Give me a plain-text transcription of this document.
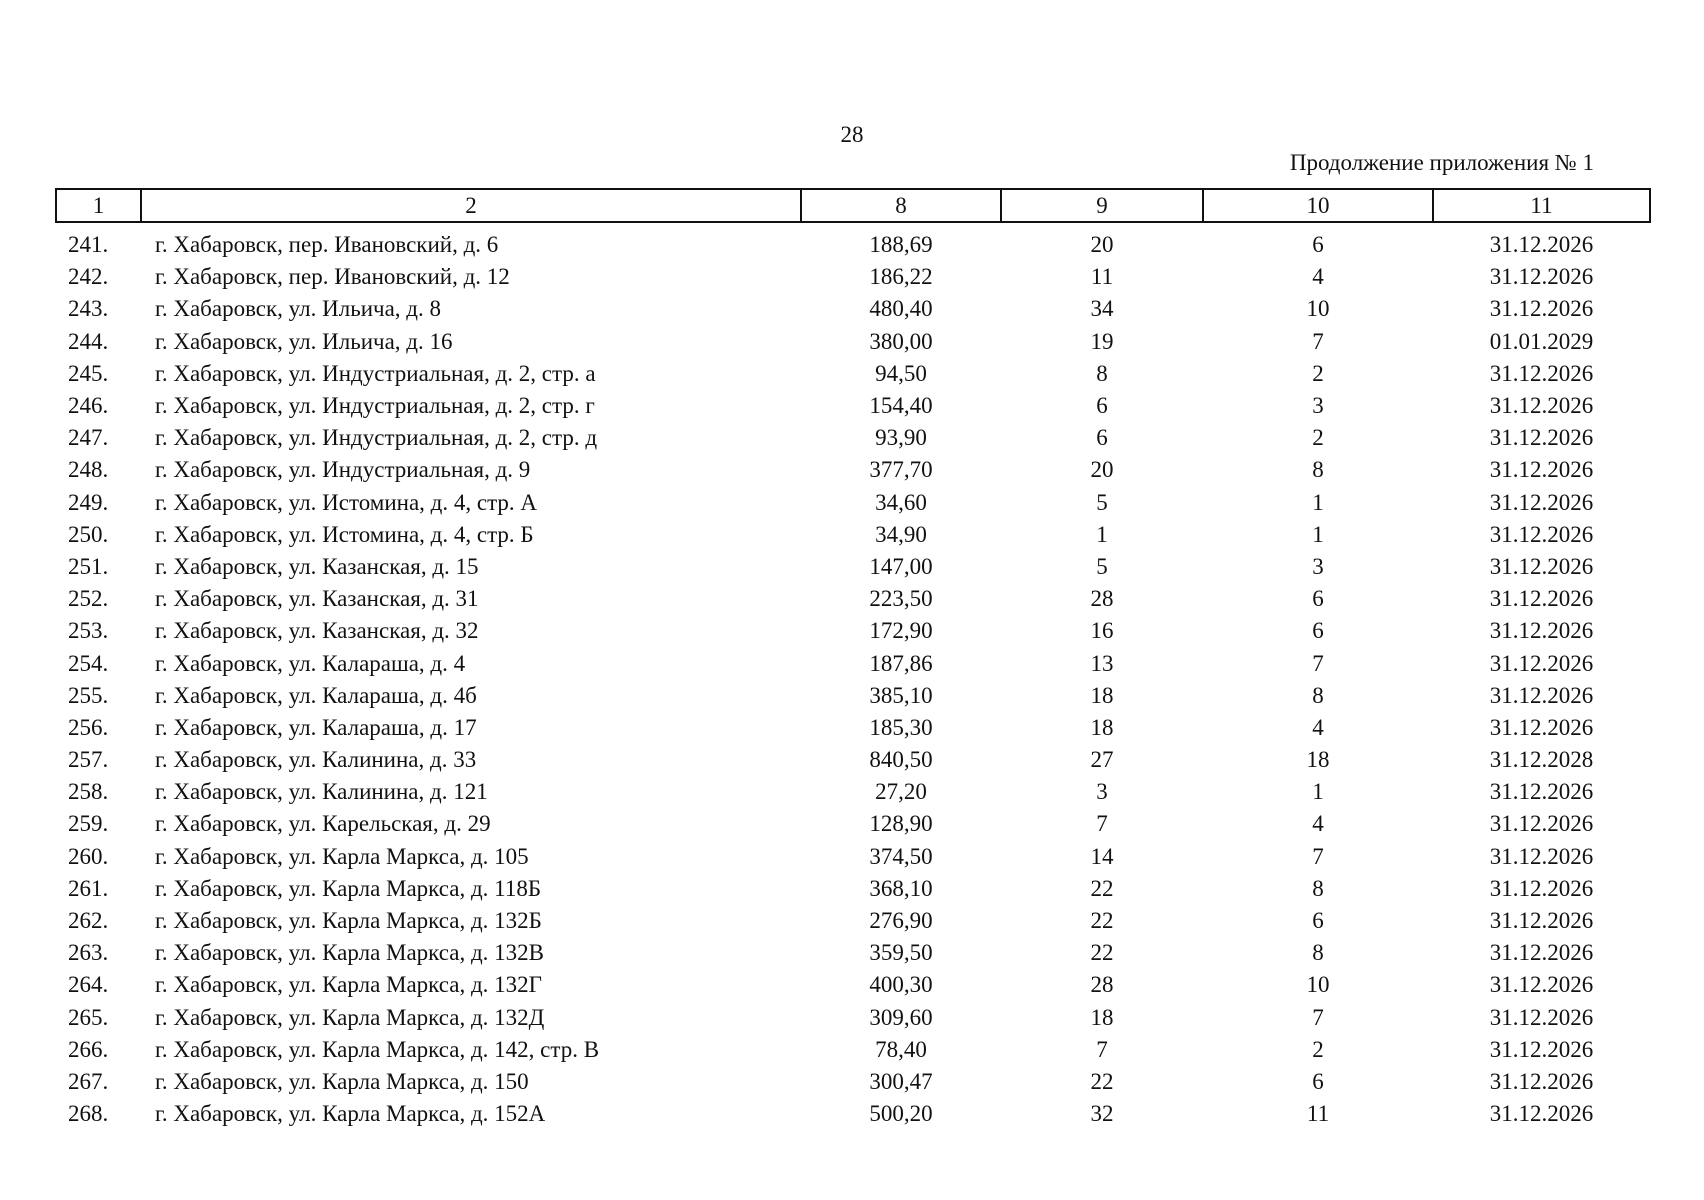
28
Продолжение приложения № 1
1	2	8	9	10	11
241.	г. Хабаровск, пер. Ивановский, д. 6	188,69	20	6	31.12.2026
242.	г. Хабаровск, пер. Ивановский, д. 12	186,22	11	4	31.12.2026
243.	г. Хабаровск, ул. Ильича, д. 8	480,40	34	10	31.12.2026
244.	г. Хабаровск, ул. Ильича, д. 16	380,00	19	7	01.01.2029
245.	г. Хабаровск, ул. Индустриальная, д. 2, стр. а	94,50	8	2	31.12.2026
246.	г. Хабаровск, ул. Индустриальная, д. 2, стр. г	154,40	6	3	31.12.2026
247.	г. Хабаровск, ул. Индустриальная, д. 2, стр. д	93,90	6	2	31.12.2026
248.	г. Хабаровск, ул. Индустриальная, д. 9	377,70	20	8	31.12.2026
249.	г. Хабаровск, ул. Истомина, д. 4, стр. А	34,60	5	1	31.12.2026
250.	г. Хабаровск, ул. Истомина, д. 4, стр. Б	34,90	1	1	31.12.2026
251.	г. Хабаровск, ул. Казанская, д. 15	147,00	5	3	31.12.2026
252.	г. Хабаровск, ул. Казанская, д. 31	223,50	28	6	31.12.2026
253.	г. Хабаровск, ул. Казанская, д. 32	172,90	16	6	31.12.2026
254.	г. Хабаровск, ул. Калараша, д. 4	187,86	13	7	31.12.2026
255.	г. Хабаровск, ул. Калараша, д. 4б	385,10	18	8	31.12.2026
256.	г. Хабаровск, ул. Калараша, д. 17	185,30	18	4	31.12.2026
257.	г. Хабаровск, ул. Калинина, д. 33	840,50	27	18	31.12.2028
258.	г. Хабаровск, ул. Калинина, д. 121	27,20	3	1	31.12.2026
259.	г. Хабаровск, ул. Карельская, д. 29	128,90	7	4	31.12.2026
260.	г. Хабаровск, ул. Карла Маркса, д. 105	374,50	14	7	31.12.2026
261.	г. Хабаровск, ул. Карла Маркса, д. 118Б	368,10	22	8	31.12.2026
262.	г. Хабаровск, ул. Карла Маркса, д. 132Б	276,90	22	6	31.12.2026
263.	г. Хабаровск, ул. Карла Маркса, д. 132В	359,50	22	8	31.12.2026
264.	г. Хабаровск, ул. Карла Маркса, д. 132Г	400,30	28	10	31.12.2026
265.	г. Хабаровск, ул. Карла Маркса, д. 132Д	309,60	18	7	31.12.2026
266.	г. Хабаровск, ул. Карла Маркса, д. 142, стр. В	78,40	7	2	31.12.2026
267.	г. Хабаровск, ул. Карла Маркса, д. 150	300,47	22	6	31.12.2026
268.	г. Хабаровск, ул. Карла Маркса, д. 152А	500,20	32	11	31.12.2026
